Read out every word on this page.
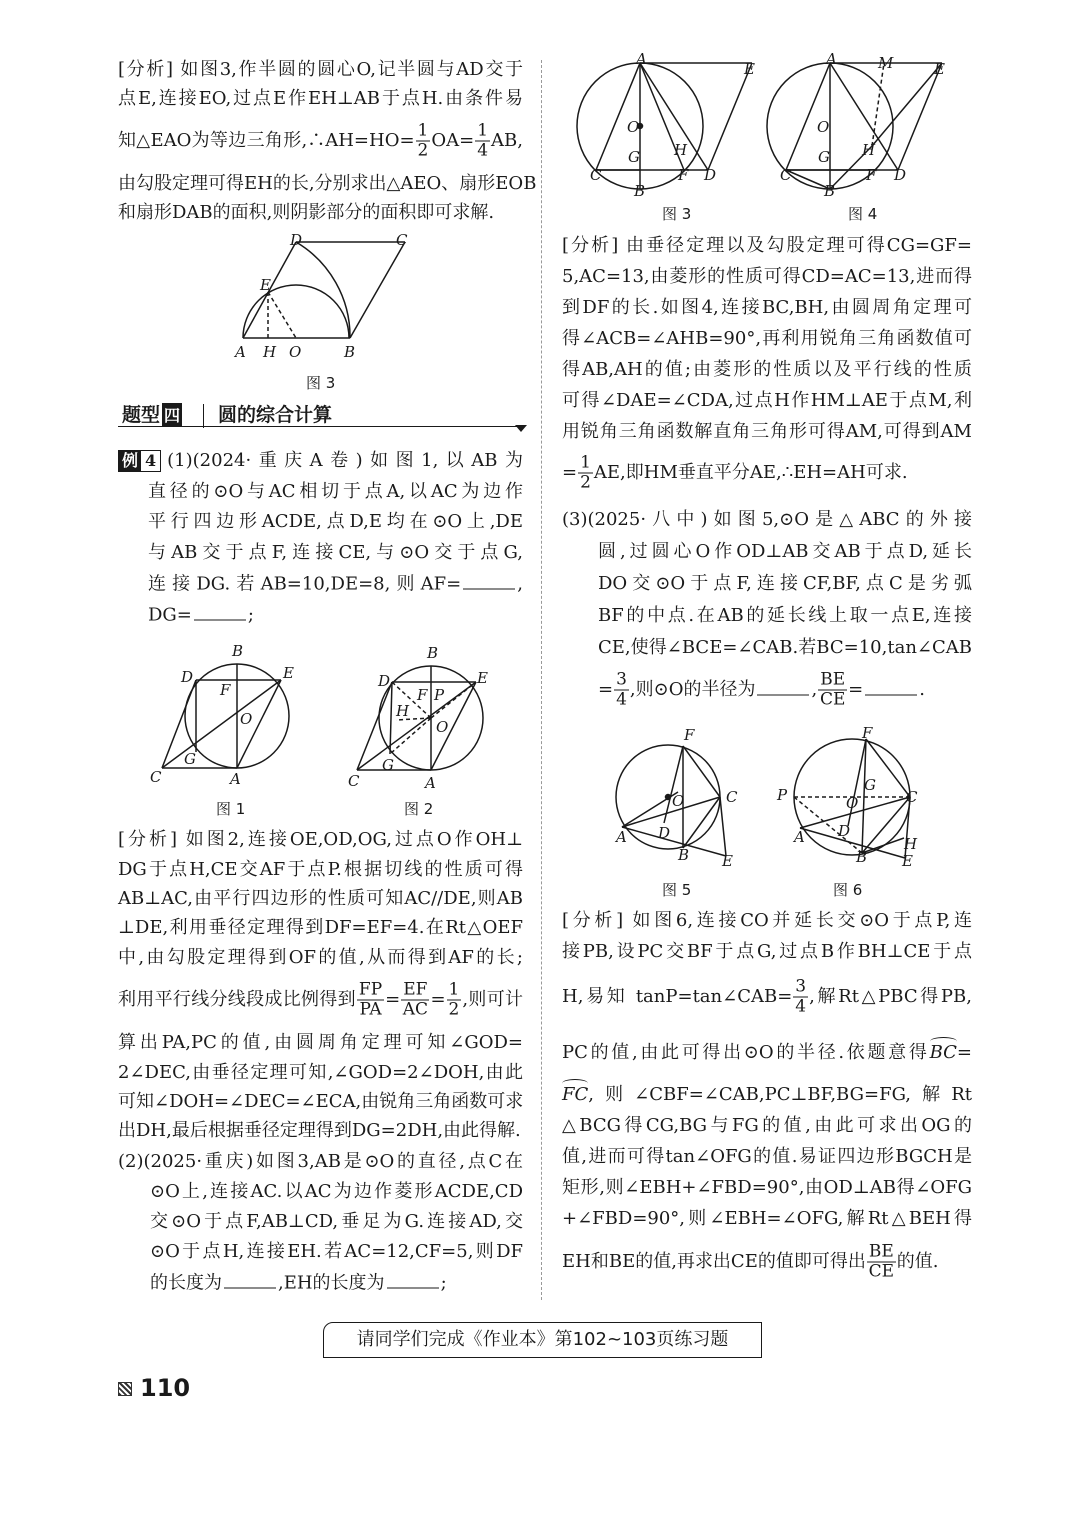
题型 四 圆的综合计算
D	C
E
A H O	B
图 3
B
D	E
F
O
G
C	A
图 1
B
D	E
F P
H
O
G
C	A
图 2
A
E
O
G H
C
B
F D
图 3
A	M	E
O
G H
C
B
F D
图 4
F
O	C
D
A
B E
图 5
F
P	O
G
C
D
A	H
B E
图 6
请同学们完成《作业本》第102~103页练习题
110
[分析] 如图3,作半圆的圆心O,记半圆与AD交于
点E,连接EO,过点E作EH⊥AB于点H.由条件易
知△EAO为等边三角形,∴AH=HO= $\frac{1}{2} OA= \frac{1}{4}$ AB,
由勾股定理可得EH的长,分别求出△AEO、扇形EOB
和扇形DAB的面积,则阴影部分的面积即可求解.
例 4 (1)(2024·重庆A卷)如图1,以AB为
直径的⊙O与AC相切于点A,以AC为边作
平行四边形ACDE,点D,E均在⊙O上,DE
与AB交于点F,连接CE,与⊙O交于点G,
连接DG.若AB=10,DE=8,则AF=	,
DG=	;
[分析] 如图2,连接OE,OD,OG,过点O作OH⊥
DG于点H,CE交AF于点P.根据切线的性质可得
AB⊥AC,由平行四边形的性质可知AC//DE,则AB
⊥DE,利用垂径定理得到DF=EF=4.在Rt△OEF
中,由勾股定理得到OF的值,从而得到AF的长;
利用平行线分线段成比例得到 $\frac{FP}{PA} = \frac{EF}{AC} = \frac{1}{2}$ ,则可计
算出PA,PC的值,由圆周角定理可知∠GOD=
2∠DEC,由垂径定理可知,∠GOD=2∠DOH,由此
可知∠DOH=∠DEC=∠ECA,由锐角三角函数可求
出DH,最后根据垂径定理得到DG=2DH,由此得解.
(2)(2025·重庆)如图3,AB是⊙O的直径,点C在
⊙O上,连接AC.以AC为边作菱形ACDE,CD
交⊙O于点F,AB⊥CD,垂足为G.连接AD,交
⊙O于点H,连接EH.若AC=12,CF=5,则DF
的长度为	,EH的长度为	;
[分析] 由垂径定理以及勾股定理可得CG=GF=
5,AC=13,由菱形的性质可得CD=AC=13,进而得
到DF的长.如图4,连接BC,BH,由圆周角定理可
得∠ACB=∠AHB=90°,再利用锐角三角函数值可
得AB,AH的值;由菱形的性质以及平行线的性质
可得∠DAE=∠CDA,过点H作HM⊥AE于点M,利
用锐角三角函数解直角三角形可得AM,可得到AM
= $\frac{1}{2}$ AE,即HM垂直平分AE,∴EH=AH可求.
(3)(2025·八中)如图5,⊙O是△ABC的外接
圆,过圆心O作OD⊥AB交AB于点D,延长
DO交⊙O于点F,连接CF,BF,点C是劣弧
BF的中点.在AB的延长线上取一点E,连接
CE,使得∠BCE=∠CAB.若BC=10,tan∠CAB
= $\frac{3}{4}$ ,则⊙O的半径为	, $\frac{BE}{CE}$ =	.
[分析] 如图6,连接CO并延长交⊙O于点P,连
接PB,设PC交BF于点G,过点B作BH⊥CE于点
H,易知 tanP=tan∠CAB= $\frac{3}{4}$ ,解Rt△PBC得PB,
PC的值,由此可得出⊙O的半径.依题意得BC=
FC,则∠CBF=∠CAB,PC⊥BF,BG=FG,解Rt
△BCG得CG,BG与FG的值,由此可求出OG的
值,进而可得tan∠OFG的值.易证四边形BGCH是
矩形,则∠EBH+∠FBD=90°,由OD⊥AB得∠OFG
+∠FBD=90°,则∠EBH=∠OFG,解Rt△BEH得
EH和BE的值,再求出CE的值即可得出 $\frac{BE}{CE}$ 的值.
